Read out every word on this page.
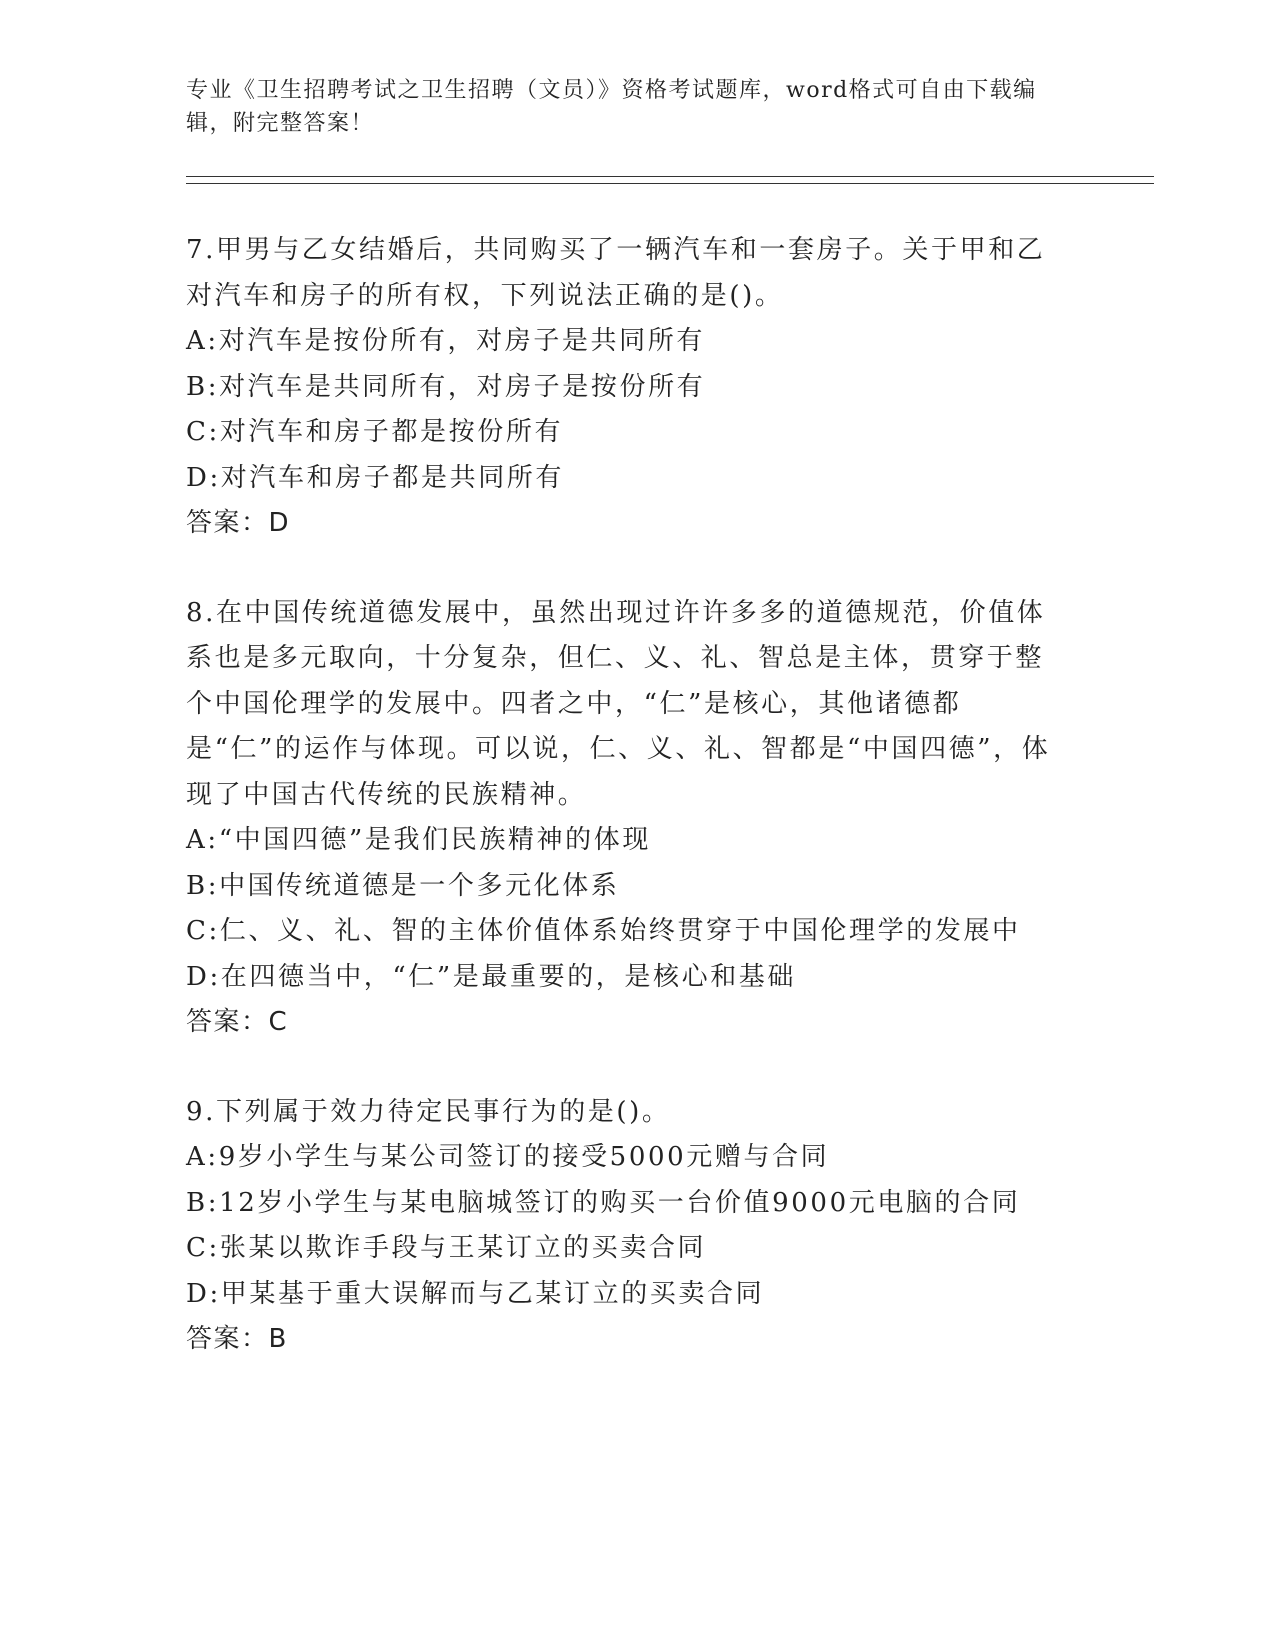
专业《卫生招聘考试之卫生招聘（文员）》资格考试题库，word格式可自由下载编辑，附完整答案！

7.甲男与乙女结婚后，共同购买了一辆汽车和一套房子。关于甲和乙对汽车和房子的所有权，下列说法正确的是()。

A:对汽车是按份所有，对房子是共同所有

B:对汽车是共同所有，对房子是按份所有

C:对汽车和房子都是按份所有

D:对汽车和房子都是共同所有

答案：D

8.在中国传统道德发展中，虽然出现过许许多多的道德规范，价值体系也是多元取向，十分复杂，但仁、义、礼、智总是主体，贯穿于整个中国伦理学的发展中。四者之中，“仁”是核心，其他诸德都是“仁”的运作与体现。可以说，仁、义、礼、智都是“中国四德”，体现了中国古代传统的民族精神。

A:“中国四德”是我们民族精神的体现

B:中国传统道德是一个多元化体系

C:仁、义、礼、智的主体价值体系始终贯穿于中国伦理学的发展中

D:在四德当中，“仁”是最重要的，是核心和基础

答案：C

9.下列属于效力待定民事行为的是()。

A:9岁小学生与某公司签订的接受5000元赠与合同

B:12岁小学生与某电脑城签订的购买一台价值9000元电脑的合同

C:张某以欺诈手段与王某订立的买卖合同

D:甲某基于重大误解而与乙某订立的买卖合同

答案：B
